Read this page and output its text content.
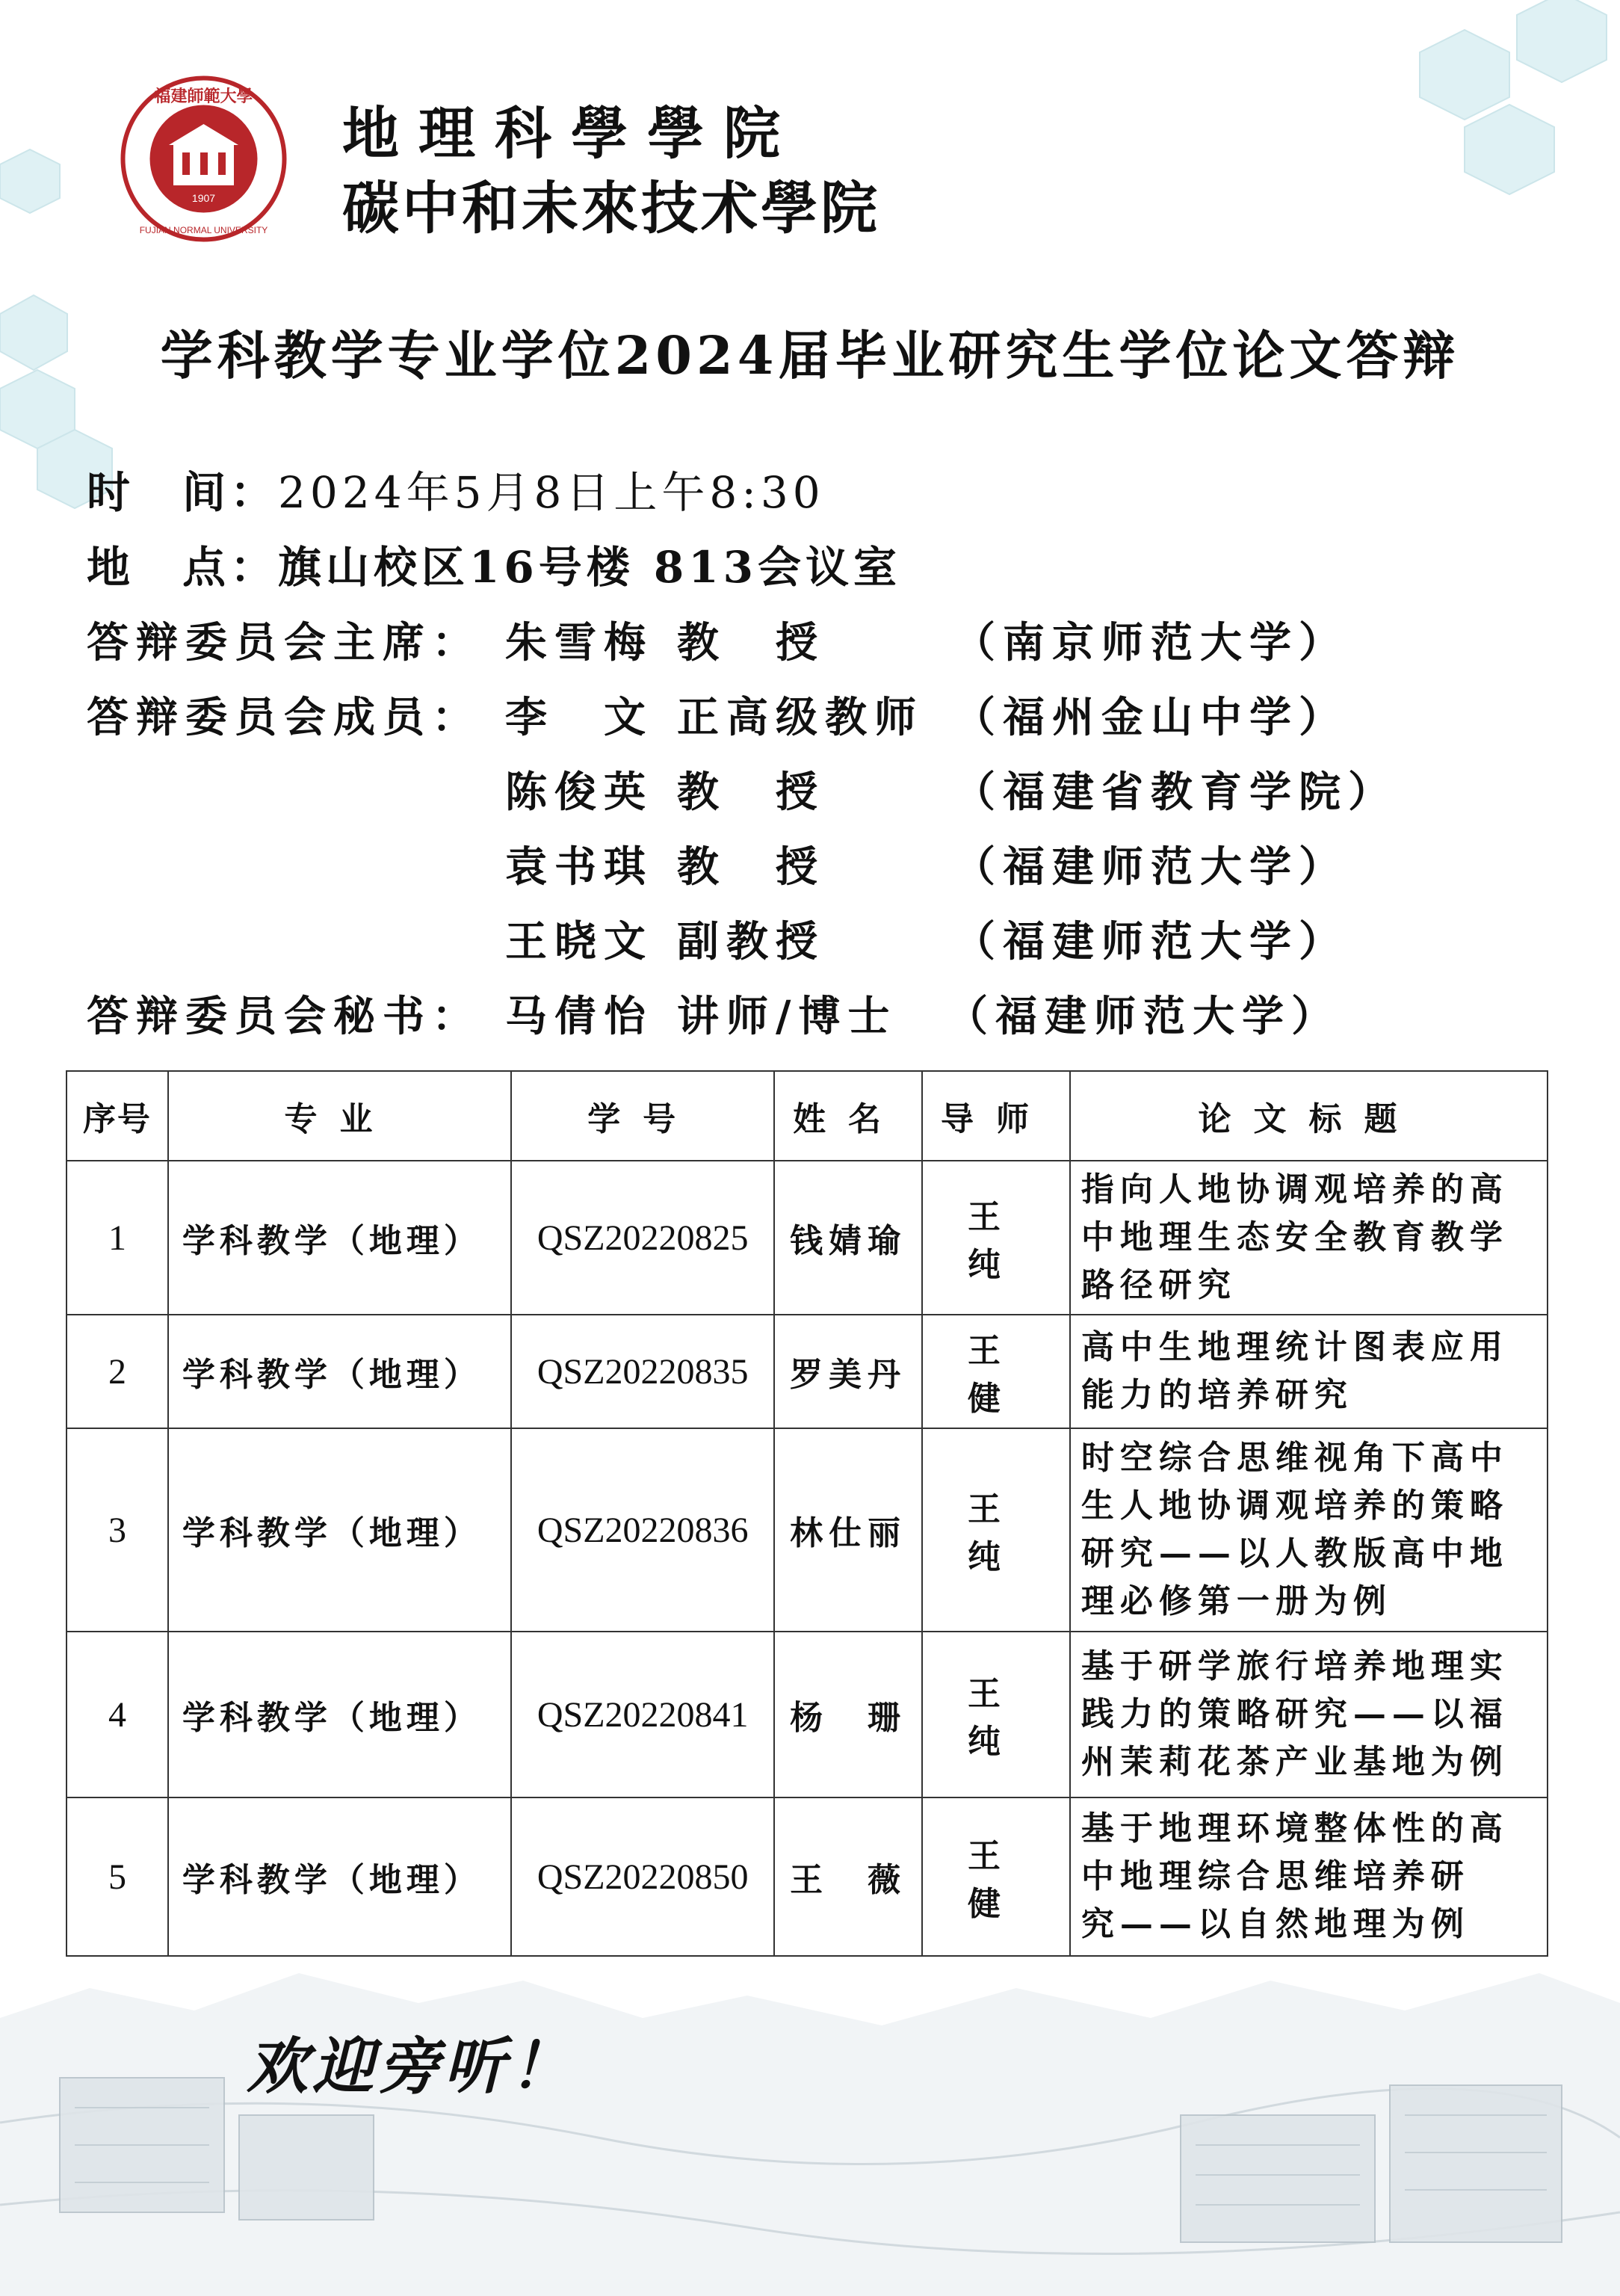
1907
福建師範大學
FUJIAN NORMAL UNIVERSITY
地理科學學院
碳中和未來技术學院
学科教学专业学位2024届毕业研究生学位论文答辩
时　间：2024年5月8日上午8:30
地　点：旗山校区16号楼 813会议室
答辩委员会主席： 朱雪梅 教　授	（南京师范大学）
答辩委员会成员： 李　文 正高级教师 （福州金山中学）
陈俊英 教　授	（福建省教育学院）
袁书琪 教　授	（福建师范大学）
王晓文 副教授	（福建师范大学）
答辩委员会秘书： 马倩怡 讲师/博士 （福建师范大学）
序号	专业	学号	姓名	导师	论文标题
1	学科教学（地理）	QSZ20220825	钱婧瑜	王纯	指向人地协调观培养的高
中地理生态安全教育教学
路径研究

2	学科教学（地理）	QSZ20220835	罗美丹	王健	高中生地理统计图表应用
能力的培养研究

3	学科教学（地理）	QSZ20220836	林仕丽	王纯	时空综合思维视角下高中
生人地协调观培养的策略
研究——以人教版高中地
理必修第一册为例

4	学科教学（地理）	QSZ20220841	杨　珊	王纯	基于研学旅行培养地理实
践力的策略研究——以福
州茉莉花茶产业基地为例

5	学科教学（地理）	QSZ20220850	王　薇	王健	基于地理环境整体性的高
中地理综合思维培养研
究——以自然地理为例
欢迎旁听！
